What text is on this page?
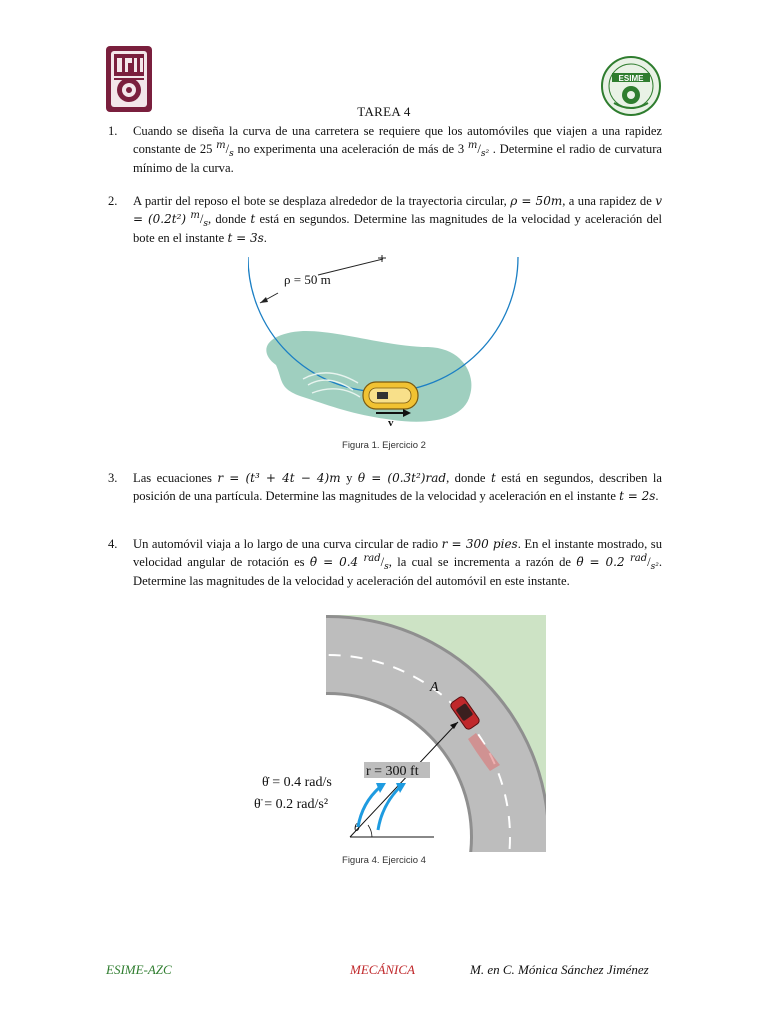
ESIME
TAREA 4
1. Cuando se diseña la curva de una carretera se requiere que los automóviles que viajen a una rapidez constante de 25 $^m/_s$ no experimenta una aceleración de más de 3 $^m/_{s^2}$ . Determine el radio de curvatura mínimo de la curva.
2. A partir del reposo el bote se desplaza alrededor de la trayectoria circular, ρ = 50m, a una rapidez de v = (0.2t²) $^m/_s$, donde t está en segundos. Determine las magnitudes de la velocidad y aceleración del bote en el instante t = 3s.
ρ = 50 m
v
Figura 1. Ejercicio 2
3. Las ecuaciones r = (t³ + 4t − 4)m y θ = (0.3t²)rad, donde t está en segundos, describen la posición de una partícula. Determine las magnitudes de la velocidad y aceleración en el instante t = 2s.
4. Un automóvil viaja a lo largo de una curva circular de radio r = 300 pies. En el instante mostrado, su velocidad angular de rotación es θ̇ = 0.4 $^{rad}/_s$, la cual se incrementa a razón de θ̈ = 0.2 $^{rad}/_{s^2}$. Determine las magnitudes de la velocidad y aceleración del automóvil en este instante.
A
r = 300 ft
θ
θ̇ = 0.4 rad/s
θ̈ = 0.2 rad/s²
Figura 4. Ejercicio 4
ESIME-AZC	MECÁNICA	M. en C. Mónica Sánchez Jiménez
